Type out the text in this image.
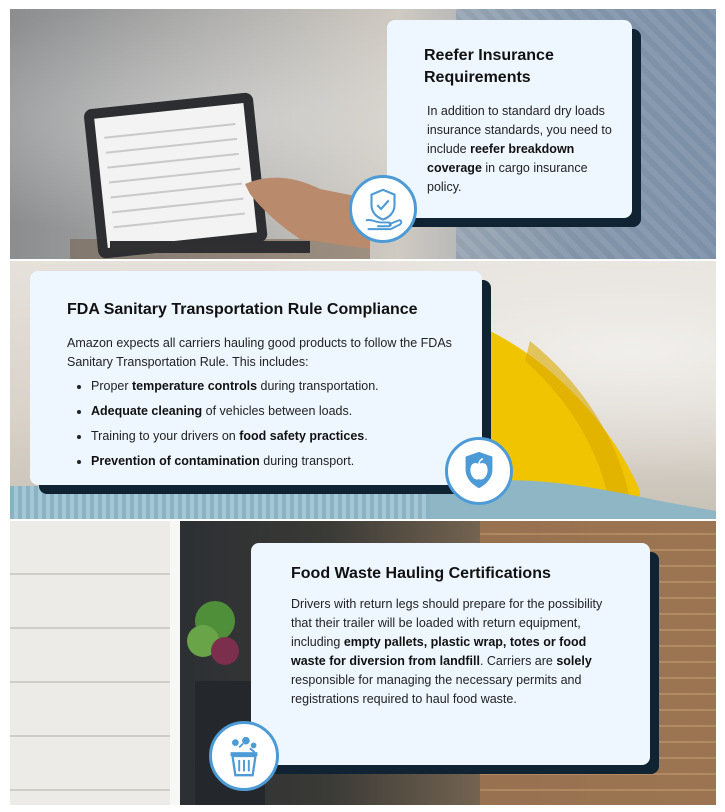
Reefer Insurance Requirements

In addition to standard dry loads insurance standards, you need to include reefer breakdown coverage in cargo insurance policy.

FDA Sanitary Transportation Rule Compliance

Amazon expects all carriers hauling good products to follow the FDAs Sanitary Transportation Rule. This includes:

• Proper temperature controls during transportation.
• Adequate cleaning of vehicles between loads.
• Training to your drivers on food safety practices.
• Prevention of contamination during transport.
Food Waste Hauling Certifications

Drivers with return legs should prepare for the possibility that their trailer will be loaded with return equipment, including empty pallets, plastic wrap, totes or food waste for diversion from landfill. Carriers are solely responsible for managing the necessary permits and registrations required to haul food waste.
